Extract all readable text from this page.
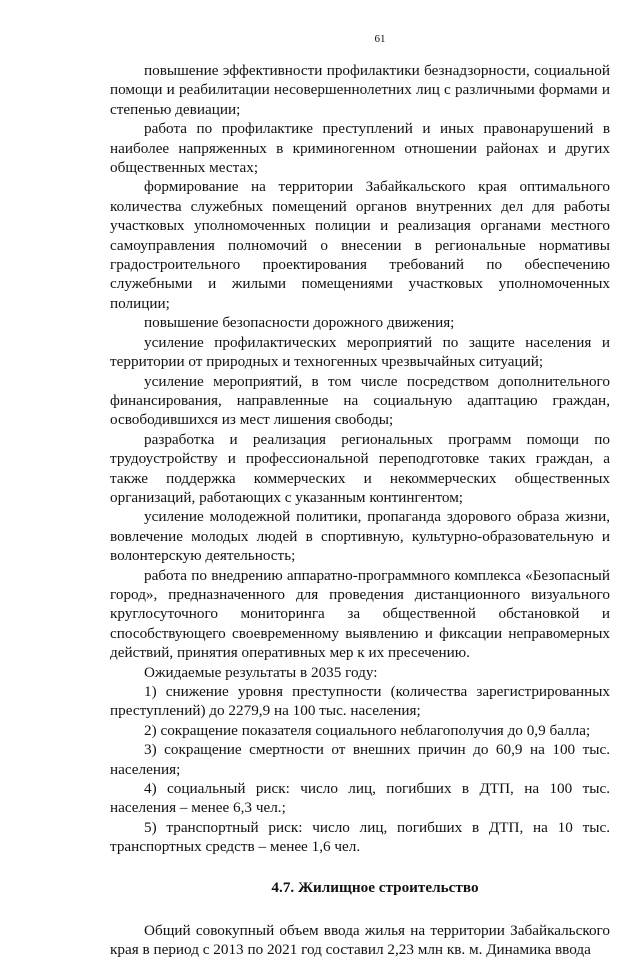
61

повышение эффективности профилактики безнадзорности, социальной помощи и реабилитации несовершеннолетних лиц с различными формами и степенью девиации;

работа по профилактике преступлений и иных правонарушений в наиболее напряженных в криминогенном отношении районах и других общественных местах;

формирование на территории Забайкальского края оптимального количества служебных помещений органов внутренних дел для работы участковых уполномоченных полиции и реализация органами местного самоуправления полномочий о внесении в региональные нормативы градостроительного проектирования требований по обеспечению служебными и жилыми помещениями участковых уполномоченных полиции;

повышение безопасности дорожного движения;

усиление профилактических мероприятий по защите населения и территории от природных и техногенных чрезвычайных ситуаций;

усиление мероприятий, в том числе посредством дополнительного финансирования, направленные на социальную адаптацию граждан, освободившихся из мест лишения свободы;

разработка и реализация региональных программ помощи по трудоустройству и профессиональной переподготовке таких граждан, а также поддержка коммерческих и некоммерческих общественных организаций, работающих с указанным контингентом;

усиление молодежной политики, пропаганда здорового образа жизни, вовлечение молодых людей в спортивную, культурно-образовательную и волонтерскую деятельность;

работа по внедрению аппаратно-программного комплекса «Безопасный город», предназначенного для проведения дистанционного визуального круглосуточного мониторинга за общественной обстановкой и способствующего своевременному выявлению и фиксации неправомерных действий, принятия оперативных мер к их пресечению.

Ожидаемые результаты в 2035 году:

1) снижение уровня преступности (количества зарегистрированных преступлений) до 2279,9 на 100 тыс. населения;

2) сокращение показателя социального неблагополучия до 0,9 балла;

3) сокращение смертности от внешних причин до 60,9 на 100 тыс. населения;

4) социальный риск: число лиц, погибших в ДТП, на 100 тыс. населения – менее 6,3 чел.;

5) транспортный риск: число лиц, погибших в ДТП, на 10 тыс. транспортных средств – менее 1,6 чел.

4.7. Жилищное строительство

Общий совокупный объем ввода жилья на территории Забайкальского края в период с 2013 по 2021 год составил 2,23 млн кв. м. Динамика ввода
